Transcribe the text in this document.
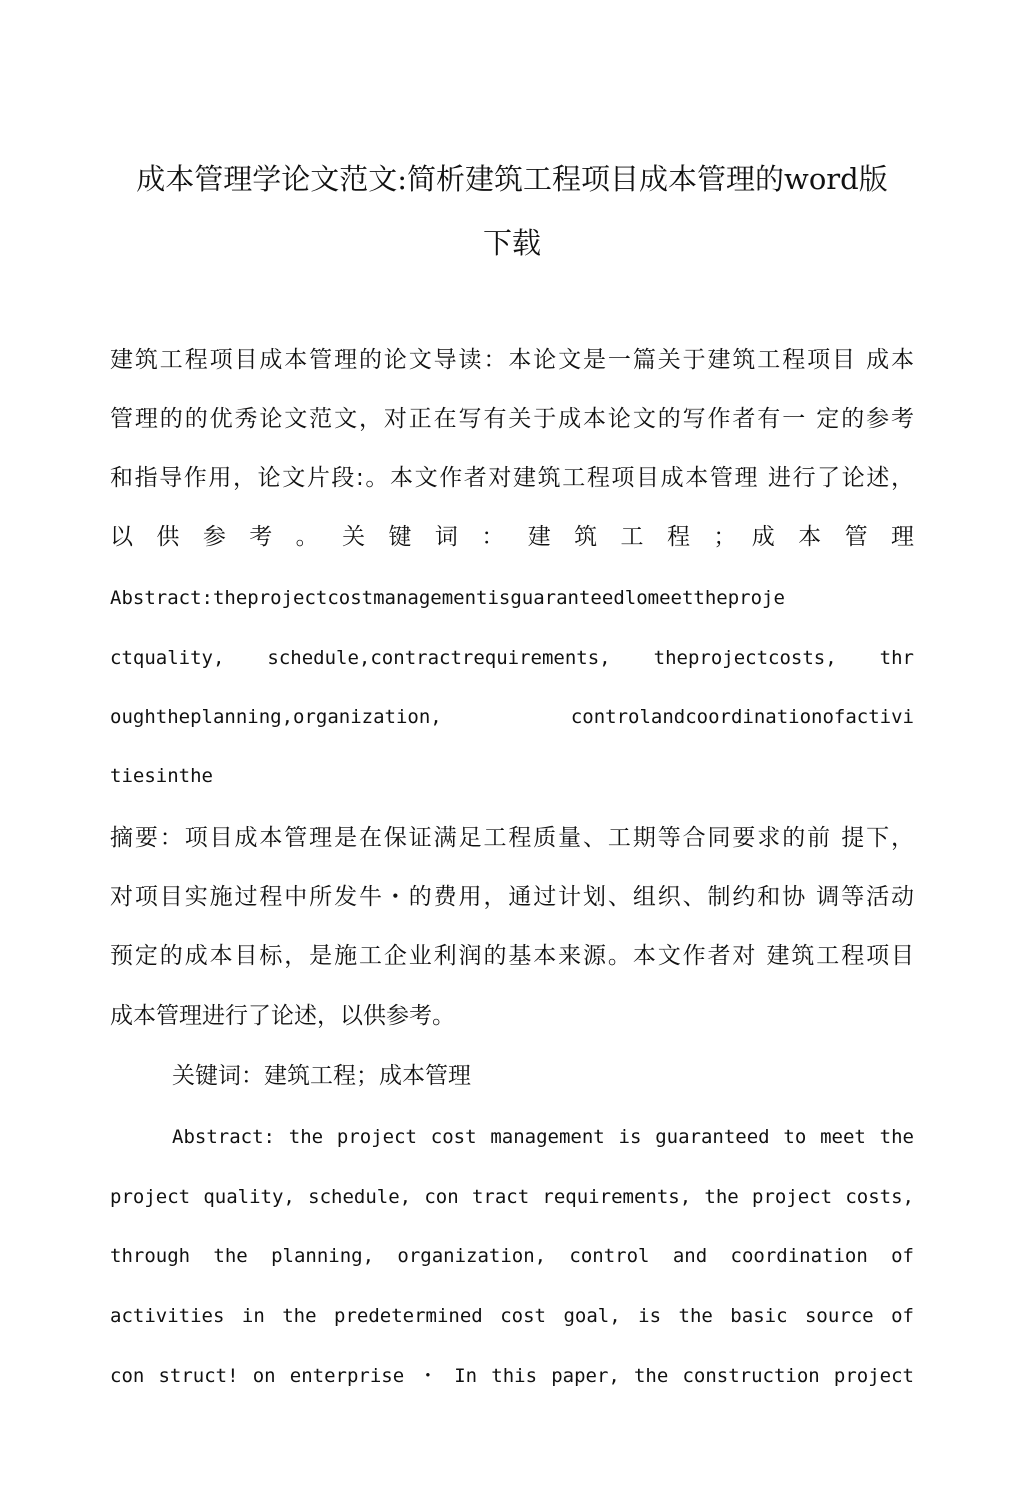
成本管理学论文范文:简析建筑工程项目成本管理的word版
下载
建筑工程项目成本管理的论文导读：本论文是一篇关于建筑工程项目 成本
管理的的优秀论文范文，对正在写有关于成本论文的写作者有一 定的参考
和指导作用，论文片段:。本文作者对建筑工程项目成本管理 进行了论述，
以 供 参 考 。 关 键 词 ： 建 筑 工 程 ； 成 本 管 理
Abstract:theprojectcostmanagementisguaranteedlomeettheproje
ctquality, schedule,contractrequirements, theprojectcosts, thr
oughtheplanning,organization, controlandcoordinationofactivi
tiesinthe
摘要：项目成本管理是在保证满足工程质量、工期等合同要求的前 提下，
对项目实施过程中所发牛・的费用，通过计划、组织、制约和协 调等活动
预定的成本目标，是施工企业利润的基本来源。本文作者对 建筑工程项目
成本管理进行了论述，以供参考。
关键词：建筑工程；成本管理
Abstract: the project cost management is guaranteed to meet the
project quality, schedule, con tract requirements, the project costs,
through the planning, organization, control and coordination of
activities in the predetermined cost goal, is the basic source of
con struct! on enterprise ・ In this paper, the construction project
